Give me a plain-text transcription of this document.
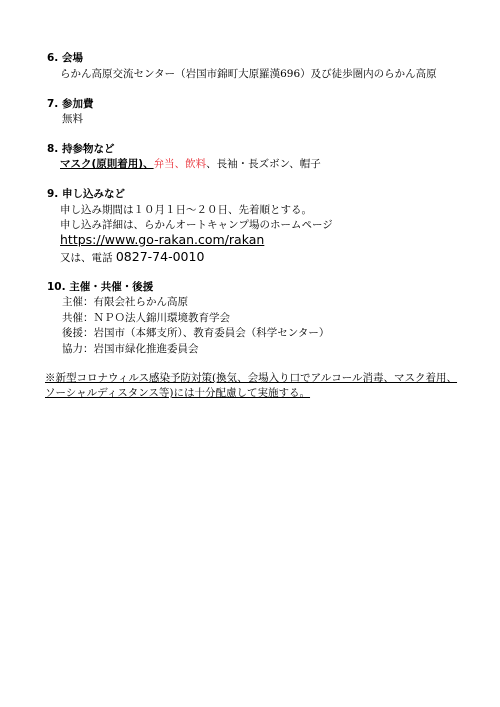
6. 会場
らかん高原交流センター（岩国市錦町大原羅漢696）及び徒歩圏内のらかん高原
7. 参加費
無料
8. 持参物など
マスク(原則着用)、弁当、飲料、長袖・長ズボン、帽子
9. 申し込みなど
申し込み期間は１０月１日～２０日、先着順とする。
申し込み詳細は、らかんオートキャンプ場のホームページ
https://www.go-rakan.com/rakan
又は、電話 0827-74-0010
10. 主催・共催・後援
主催：有限会社らかん高原
共催：ＮＰＯ法人錦川環境教育学会
後援：岩国市（本郷支所）、教育委員会（科学センター）
協力：岩国市緑化推進委員会
※新型コロナウィルス感染予防対策(換気、会場入り口でアルコール消毒、マスク着用、
ソーシャルディスタンス等)には十分配慮して実施する。
